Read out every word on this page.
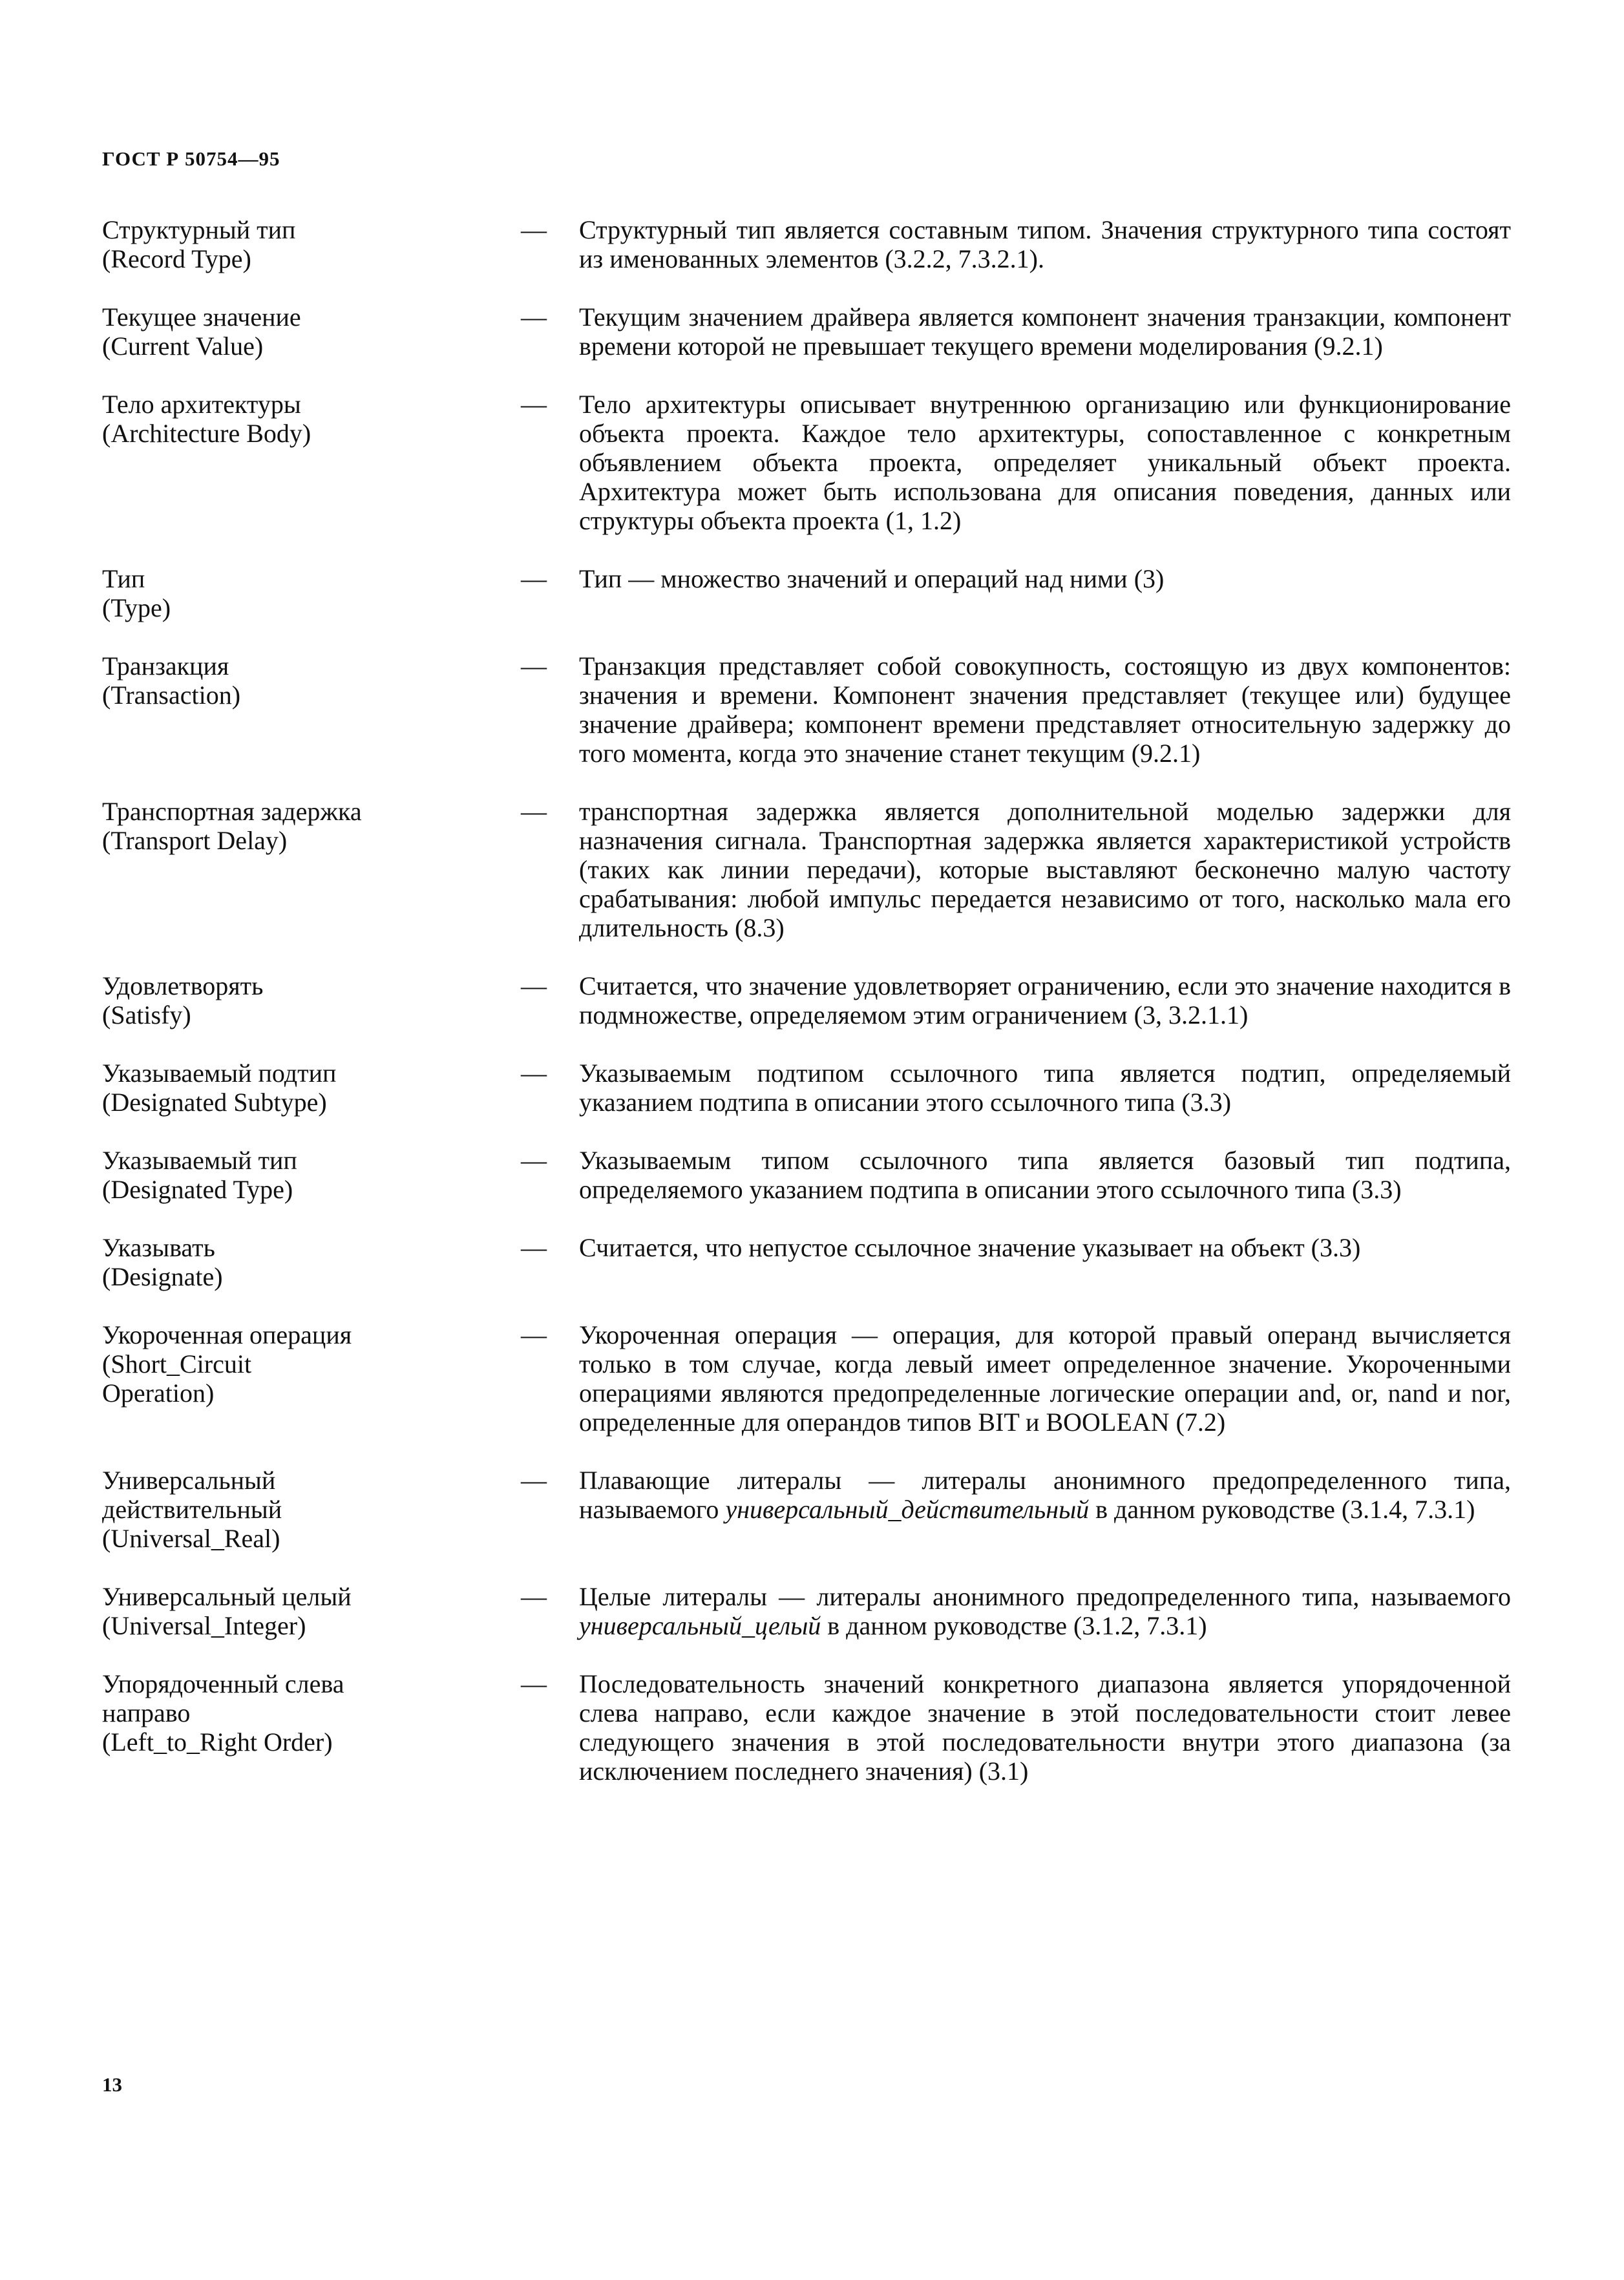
ГОСТ Р 50754—95
Структурный тип
(Record Type)
—	Структурный тип является составным типом. Значения структурного типа состоят из именованных элементов (3.2.2, 7.3.2.1).
Текущее значение
(Current Value)
—	Текущим значением драйвера является компонент значения транзакции, компонент времени которой не превышает текущего времени моделирования (9.2.1)
Тело архитектуры
(Architecture Body)
—	Тело архитектуры описывает внутреннюю организацию или функционирование объекта проекта. Каждое тело архитектуры, сопоставленное с конкретным объявлением объекта проекта, определяет уникальный объект проекта. Архитектура может быть использована для описания поведения, данных или структуры объекта проекта (1, 1.2)
Тип
(Type)
—	Тип — множество значений и операций над ними (3)
Транзакция
(Transaction)
—	Транзакция представляет собой совокупность, состоящую из двух компонентов: значения и времени. Компонент значения представляет (текущее или) будущее значение драйвера; компонент времени представляет относительную задержку до того момента, когда это значение станет текущим (9.2.1)
Транспортная задержка
(Transport Delay)
—	транспортная задержка является дополнительной моделью задержки для назначения сигнала. Транспортная задержка является характеристикой устройств (таких как линии передачи), которые выставляют бесконечно малую частоту срабатывания: любой импульс передается независимо от того, насколько мала его длительность (8.3)
Удовлетворять
(Satisfy)
—	Считается, что значение удовлетворяет ограничению, если это значение находится в подмножестве, определяемом этим ограничением (3, 3.2.1.1)
Указываемый подтип
(Designated Subtype)
—	Указываемым подтипом ссылочного типа является подтип, определяемый указанием подтипа в описании этого ссылочного типа (3.3)
Указываемый тип
(Designated Type)
—	Указываемым типом ссылочного типа является базовый тип подтипа, определяемого указанием подтипа в описании этого ссылочного типа (3.3)
Указывать
(Designate)
—	Считается, что непустое ссылочное значение указывает на объект (3.3)
Укороченная операция
(Short_Circuit
Operation)
—	Укороченная операция — операция, для которой правый операнд вычисляется только в том случае, когда левый имеет определенное значение. Укороченными операциями являются предопределенные логические операции and, or, nand и nor, определенные для операндов типов BIT и BOOLEAN (7.2)
Универсальный
действительный
(Universal_Real)
—	Плавающие литералы — литералы анонимного предопределенного типа, называемого универсальный_действительный в данном руководстве (3.1.4, 7.3.1)
Универсальный целый
(Universal_Integer)
—	Целые литералы — литералы анонимного предопределенного типа, называемого универсальный_целый в данном руководстве (3.1.2, 7.3.1)
Упорядоченный слева
направо
(Left_to_Right Order)
—	Последовательность значений конкретного диапазона является упорядоченной слева направо, если каждое значение в этой последовательности стоит левее следующего значения в этой последовательности внутри этого диапазона (за исключением последнего значения) (3.1)
13
